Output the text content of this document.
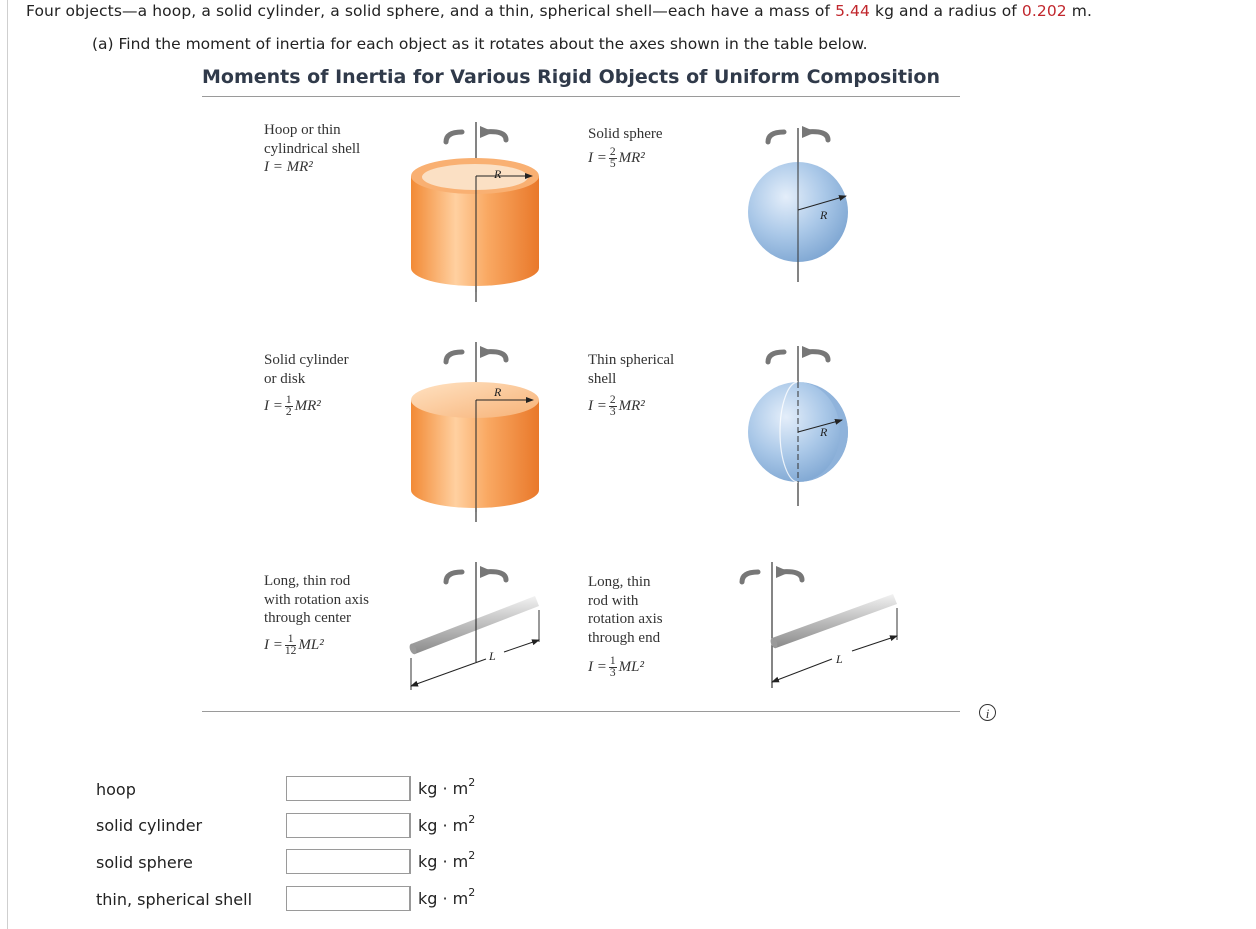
Four objects—a hoop, a solid cylinder, a solid sphere, and a thin, spherical shell—each have a mass of 5.44 kg and a radius of 0.202 m.
(a) Find the moment of inertia for each object as it rotates about the axes shown in the table below.
Moments of Inertia for Various Rigid Objects of Uniform Composition
Hoop or thin
cylindrical shell
I = MR²
Solid sphere
$I = \frac{2}{5} MR^2$
Solid cylinder
or disk
$I = \frac{1}{2} MR^2$
Thin spherical
shell
$I = \frac{2}{3} MR^2$
Long, thin rod
with rotation axis
through center
$I = \frac{1}{12} ML^2$
Long, thin
rod with
rotation axis
through end
$I = \frac{1}{3} ML^2$
R
R
R
R
L	L
i
hoop	kg · $m^2$
solid cylinder	kg · $m^2$
solid sphere	kg · $m^2$
thin, spherical shell	kg · $m^2$
